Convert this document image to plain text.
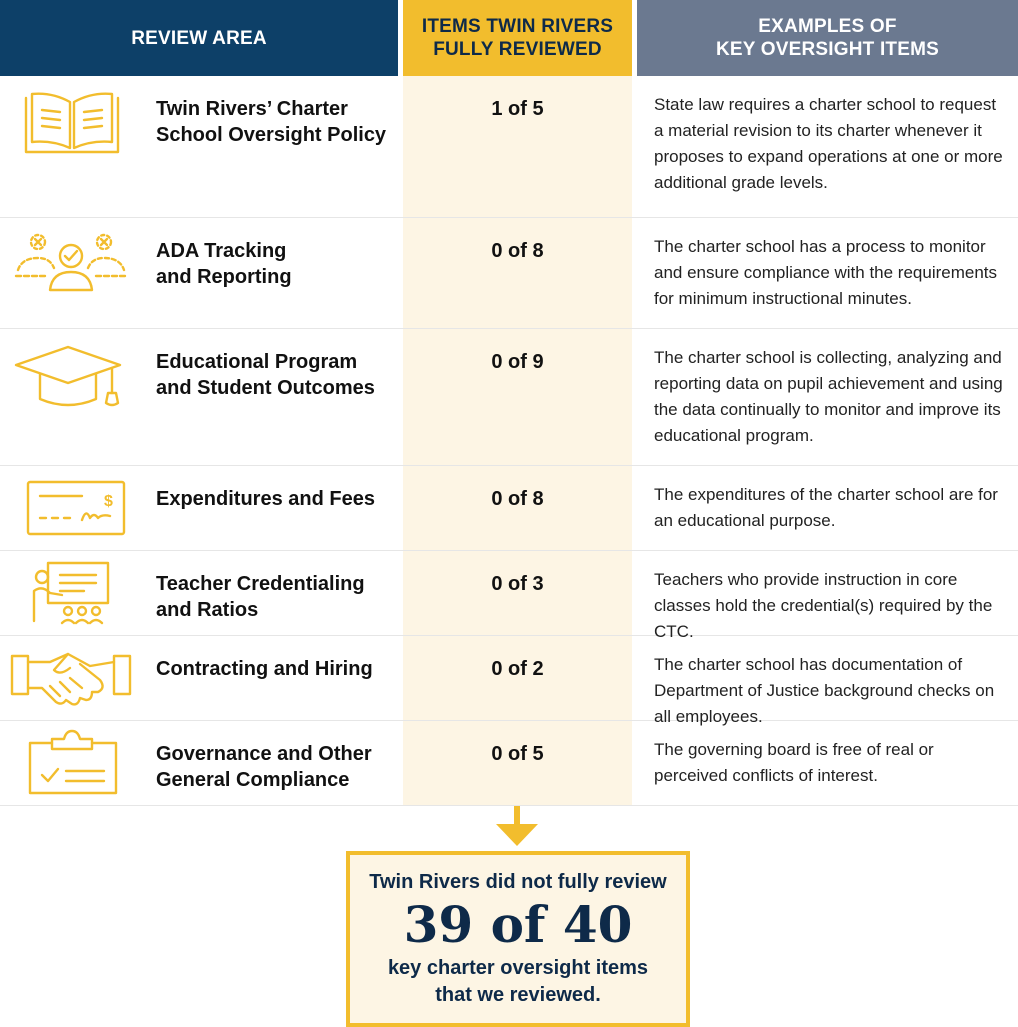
REVIEW AREA
ITEMS TWIN RIVERS
FULLY REVIEWED
EXAMPLES OF
KEY OVERSIGHT ITEMS
Twin Rivers’ Charter
School Oversight Policy
1 of 5	State law requires a charter school to request a material revision to its charter whenever it proposes to expand operations at one or more additional grade levels.
ADA Tracking
and Reporting
0 of 8	The charter school has a process to monitor and ensure compliance with the requirements for minimum instructional minutes.
Educational Program
and Student Outcomes
0 of 9	The charter school is collecting, analyzing and reporting data on pupil achievement and using the data continually to monitor and improve its educational program.
$ Expenditures and Fees	0 of 8	The expenditures of the charter school are for an educational purpose.
Teacher Credentialing
and Ratios
0 of 3	Teachers who provide instruction in core classes hold the credential(s) required by the CTC.
Contracting and Hiring	0 of 2	The charter school has documentation of Department of Justice background checks on all employees.
Governance and Other
General Compliance
0 of 5	The governing board is free of real or perceived conflicts of interest.
Twin Rivers did not fully review
39 of 40
key charter oversight items
that we reviewed.
